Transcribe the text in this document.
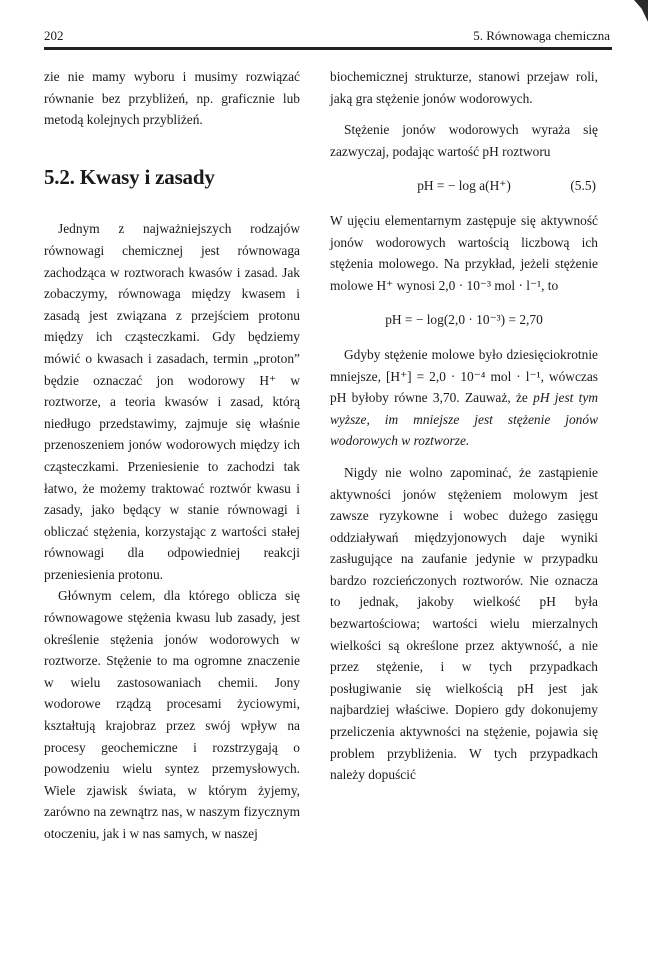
202	5. Równowaga chemiczna

zie nie mamy wyboru i musimy rozwiązać równanie bez przybliżeń, np. graficznie lub metodą kolejnych przybliżeń.

5.2. Kwasy i zasady

Jednym z najważniejszych rodzajów równowagi chemicznej jest równowaga zachodząca w roztworach kwasów i zasad. Jak zobaczymy, równowaga między kwasem i zasadą jest związana z przejściem protonu między ich cząsteczkami. Gdy będziemy mówić o kwasach i zasadach, termin „proton” będzie oznaczać jon wodorowy H⁺ w roztworze, a teoria kwasów i zasad, którą niedługo przedstawimy, zajmuje się właśnie przenoszeniem jonów wodorowych między ich cząsteczkami. Przeniesienie to zachodzi tak łatwo, że możemy traktować roztwór kwasu i zasady, jako będący w stanie równowagi i obliczać stężenia, korzystając z wartości stałej równowagi dla odpowiedniej reakcji przeniesienia protonu.

Głównym celem, dla którego oblicza się równowagowe stężenia kwasu lub zasady, jest określenie stężenia jonów wodorowych w roztworze. Stężenie to ma ogromne znaczenie w wielu zastosowaniach chemii. Jony wodorowe rządzą procesami życiowymi, kształtują krajobraz przez swój wpływ na procesy geochemiczne i rozstrzygają o powodzeniu wielu syntez przemysłowych. Wiele zjawisk świata, w którym żyjemy, zarówno na zewnątrz nas, w naszym fizycznym otoczeniu, jak i w nas samych, w naszej

biochemicznej strukturze, stanowi przejaw roli, jaką gra stężenie jonów wodorowych.

Stężenie jonów wodorowych wyraża się zazwyczaj, podając wartość pH roztworu

pH = − log a(H⁺)	(5.5)

W ujęciu elementarnym zastępuje się aktywność jonów wodorowych wartością liczbową ich stężenia molowego. Na przykład, jeżeli stężenie molowe H⁺ wynosi 2,0 · 10⁻³ mol · l⁻¹, to

pH = − log(2,0 · 10⁻³) = 2,70

Gdyby stężenie molowe było dziesięciokrotnie mniejsze, [H⁺] = 2,0 · 10⁻⁴ mol · l⁻¹, wówczas pH byłoby równe 3,70. Zauważ, że pH jest tym wyższe, im mniejsze jest stężenie jonów wodorowych w roztworze.

Nigdy nie wolno zapominać, że zastąpienie aktywności jonów stężeniem molowym jest zawsze ryzykowne i wobec dużego zasięgu oddziaływań międzyjonowych daje wyniki zasługujące na zaufanie jedynie w przypadku bardzo rozcieńczonych roztworów. Nie oznacza to jednak, jakoby wielkość pH była bezwartościowa; wartości wielu mierzalnych wielkości są określone przez aktywność, a nie przez stężenie, i w tych przypadkach posługiwanie się wielkością pH jest jak najbardziej właściwe. Dopiero gdy dokonujemy przeliczenia aktywności na stężenie, pojawia się problem przybliżenia. W tych przypadkach należy dopuścić
